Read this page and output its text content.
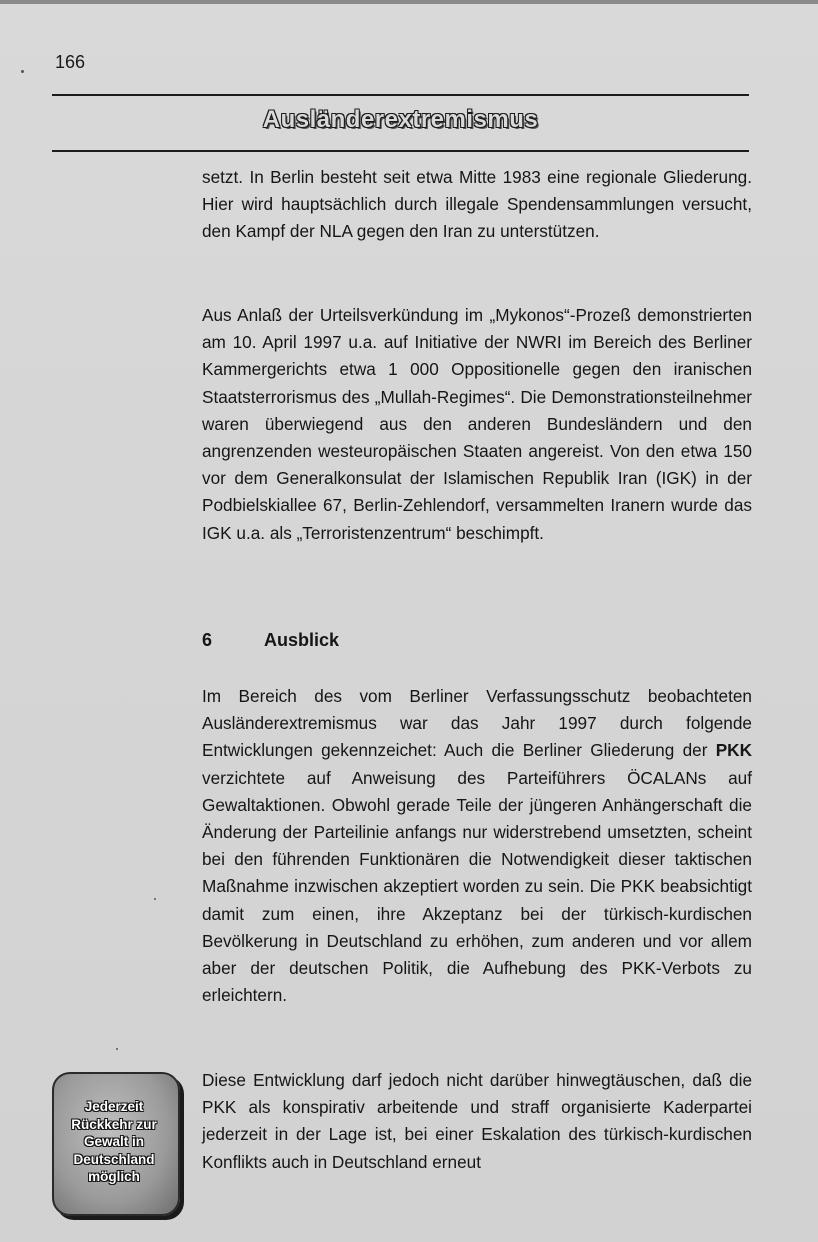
166
Ausländerextremismus

setzt. In Berlin besteht seit etwa Mitte 1983 eine regionale Gliederung. Hier wird hauptsächlich durch illegale Spendensammlungen versucht, den Kampf der NLA gegen den Iran zu unterstützen.

Aus Anlaß der Urteilsverkündung im „Mykonos“-Prozeß demonstrierten am 10. April 1997 u.a. auf Initiative der NWRI im Bereich des Berliner Kammergerichts etwa 1 000 Oppositionelle gegen den iranischen Staatsterrorismus des „Mullah-Regimes“. Die Demonstrationsteilnehmer waren überwiegend aus den anderen Bundesländern und den angrenzenden westeuropäischen Staaten angereist. Von den etwa 150 vor dem Generalkonsulat der Islamischen Republik Iran (IGK) in der Podbielskiallee 67, Berlin-Zehlendorf, versammelten Iranern wurde das IGK u.a. als „Terroristenzentrum“ beschimpft.

6	Ausblick

Im Bereich des vom Berliner Verfassungsschutz beobachteten Ausländerextremismus war das Jahr 1997 durch folgende Entwicklungen gekennzeichet: Auch die Berliner Gliederung der PKK verzichtete auf Anweisung des Parteiführers ÖCALANs auf Gewaltaktionen. Obwohl gerade Teile der jüngeren Anhängerschaft die Änderung der Parteilinie anfangs nur widerstrebend umsetzten, scheint bei den führenden Funktionären die Notwendigkeit dieser taktischen Maßnahme inzwischen akzeptiert worden zu sein. Die PKK beabsichtigt damit zum einen, ihre Akzeptanz bei der türkisch-kurdischen Bevölkerung in Deutschland zu erhöhen, zum anderen und vor allem aber der deutschen Politik, die Aufhebung des PKK-Verbots zu erleichtern.

Diese Entwicklung darf jedoch nicht darüber hinwegtäuschen, daß die PKK als konspirativ arbeitende und straff organisierte Kaderpartei jederzeit in der Lage ist, bei einer Eskalation des türkisch-kurdischen Konflikts auch in Deutschland erneut

Jederzeit
Rückkehr zur
Gewalt in
Deutschland
möglich
